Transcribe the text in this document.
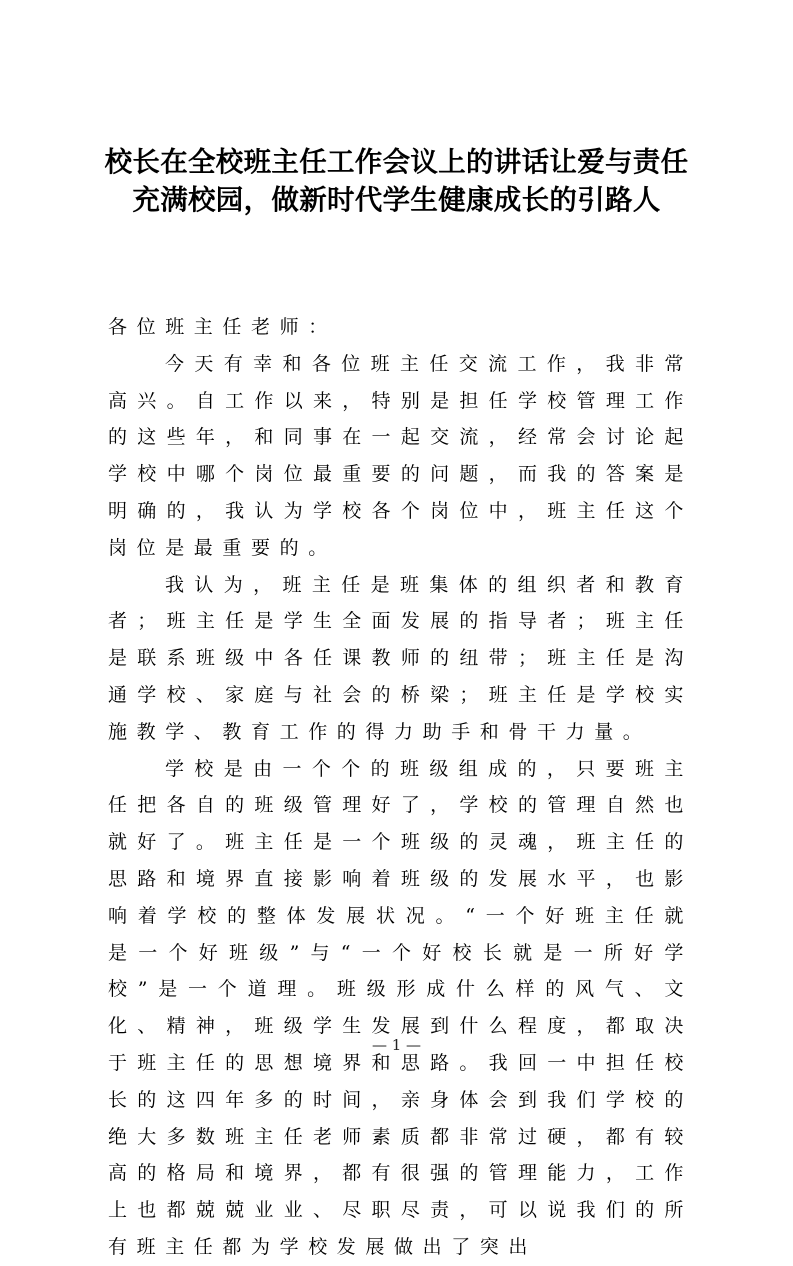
校长在全校班主任工作会议上的讲话让爱与责任充满校园，做新时代学生健康成长的引路人

各位班主任老师：

今天有幸和各位班主任交流工作，我非常高兴。自工作以来，特别是担任学校管理工作的这些年，和同事在一起交流，经常会讨论起学校中哪个岗位最重要的问题，而我的答案是明确的，我认为学校各个岗位中，班主任这个岗位是最重要的。

我认为，班主任是班集体的组织者和教育者；班主任是学生全面发展的指导者；班主任是联系班级中各任课教师的纽带；班主任是沟通学校、家庭与社会的桥梁；班主任是学校实施教学、教育工作的得力助手和骨干力量。

学校是由一个个的班级组成的，只要班主任把各自的班级管理好了，学校的管理自然也就好了。班主任是一个班级的灵魂，班主任的思路和境界直接影响着班级的发展水平，也影响着学校的整体发展状况。“一个好班主任就是一个好班级”与“一个好校长就是一所好学校”是一个道理。班级形成什么样的风气、文化、精神，班级学生发展到什么程度，都取决于班主任的思想境界和思路。我回一中担任校长的这四年多的时间，亲身体会到我们学校的绝大多数班主任老师素质都非常过硬，都有较高的格局和境界，都有很强的管理能力，工作上也都兢兢业业、尽职尽责，可以说我们的所有班主任都为学校发展做出了突出

— 1 —
